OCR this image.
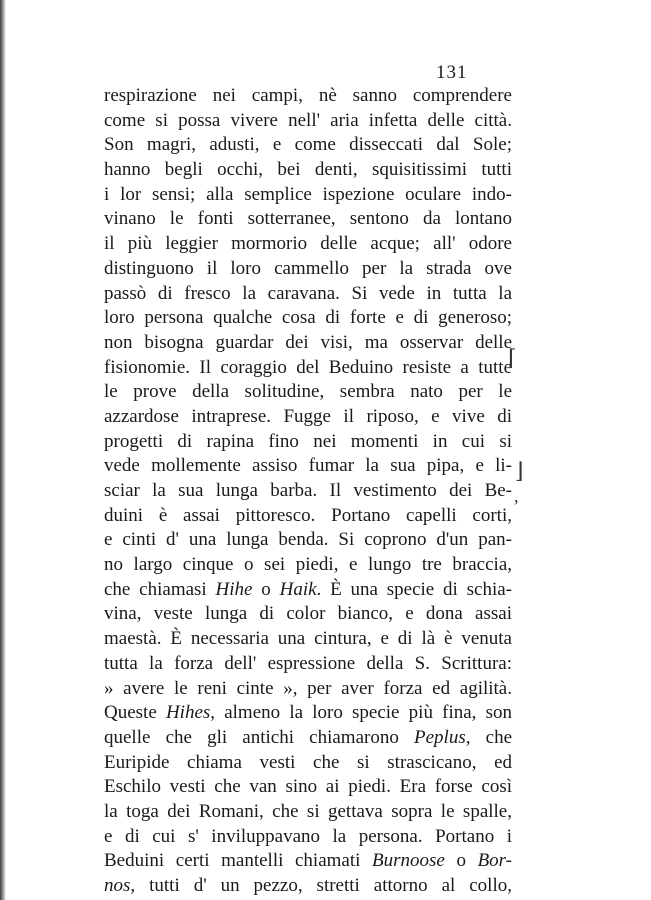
131
respirazione nei campi, nè sanno comprendere
come si possa vivere nell' aria infetta delle città.
Son magri, adusti, e come disseccati dal Sole;
hanno begli occhi, bei denti, squisitissimi tutti
i lor sensi; alla semplice ispezione oculare indo-
vinano le fonti sotterranee, sentono da lontano
il più leggier mormorio delle acque; all' odore
distinguono il loro cammello per la strada ove
passò di fresco la caravana. Si vede in tutta la
loro persona qualche cosa di forte e di generoso;
non bisogna guardar dei visi, ma osservar delle
fisionomie. Il coraggio del Beduino resiste a tutte
le prove della solitudine, sembra nato per le
azzardose intraprese. Fugge il riposo, e vive di
progetti di rapina fino nei momenti in cui si
vede mollemente assiso fumar la sua pipa, e li-
sciar la sua lunga barba. Il vestimento dei Be-
duini è assai pittoresco. Portano capelli corti,
e cinti d' una lunga benda. Si coprono d'un pan-
no largo cinque o sei piedi, e lungo tre braccia,
che chiamasi Hihe o Haik. È una specie di schia-
vina, veste lunga di color bianco, e dona assai
maestà. È necessaria una cintura, e di là è venuta
tutta la forza dell' espressione della S. Scrittura:
» avere le reni cinte », per aver forza ed agilità.
Queste Hihes, almeno la loro specie più fina, son
quelle che gli antichi chiamarono Peplus, che
Euripide chiama vesti che si strascicano, ed
Eschilo vesti che van sino ai piedi. Era forse così
la toga dei Romani, che si gettava sopra le spalle,
e di cui s' inviluppavano la persona. Portano i
Beduini certi mantelli chiamati Burnoose o Bor-
nos, tutti d' un pezzo, stretti attorno al collo,
⌈
⌋
,
